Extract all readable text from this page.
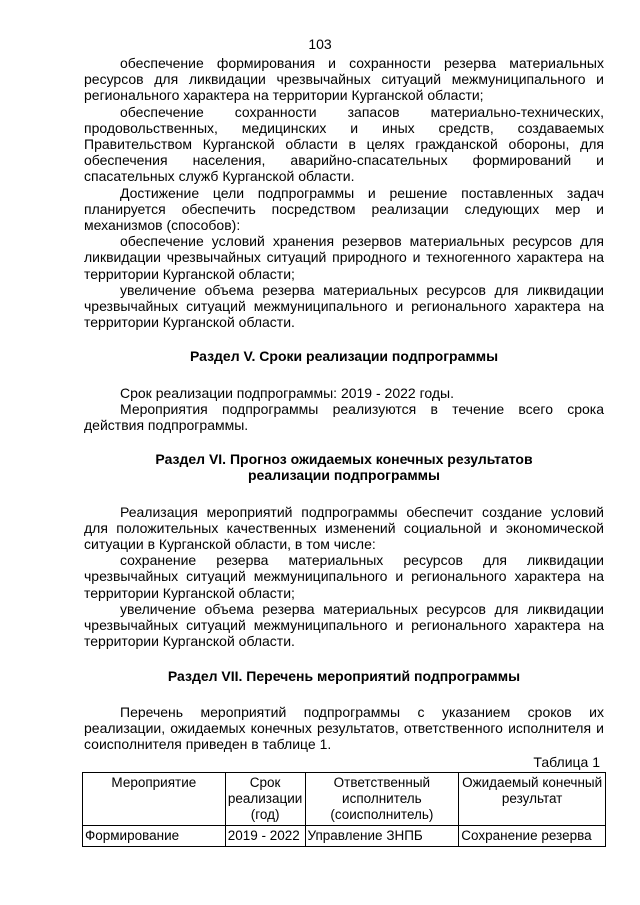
103

обеспечение формирования и сохранности резерва материальных ресурсов для ликвидации чрезвычайных ситуаций межмуниципального и регионального характера на территории Курганской области;

обеспечение сохранности запасов материально-технических, продовольственных, медицинских и иных средств, создаваемых Правительством Курганской области в целях гражданской обороны, для обеспечения населения, аварийно-спасательных формирований и спасательных служб Курганской области.

Достижение цели подпрограммы и решение поставленных задач планируется обеспечить посредством реализации следующих мер и механизмов (способов):

обеспечение условий хранения резервов материальных ресурсов для ликвидации чрезвычайных ситуаций природного и техногенного характера на территории Курганской области;

увеличение объема резерва материальных ресурсов для ликвидации чрезвычайных ситуаций межмуниципального и регионального характера на территории Курганской области.

Раздел V. Сроки реализации подпрограммы

Срок реализации подпрограммы: 2019 - 2022 годы.

Мероприятия подпрограммы реализуются в течение всего срока действия подпрограммы.

Раздел VI. Прогноз ожидаемых конечных результатов

реализации подпрограммы

Реализация мероприятий подпрограммы обеспечит создание условий для положительных качественных изменений социальной и экономической ситуации в Курганской области, в том числе:

сохранение резерва материальных ресурсов для ликвидации чрезвычайных ситуаций межмуниципального и регионального характера на территории Курганской области;

увеличение объема резерва материальных ресурсов для ликвидации чрезвычайных ситуаций межмуниципального и регионального характера на территории Курганской области.

Раздел VII. Перечень мероприятий подпрограммы

Перечень мероприятий подпрограммы с указанием сроков их реализации, ожидаемых конечных результатов, ответственного исполнителя и соисполнителя приведен в таблице 1.

Таблица 1
Мероприятие	Срок реализации (год)	Ответственный исполнитель (соисполнитель)	Ожидаемый конечный результат
Формирование	2019 - 2022	Управление ЗНПБ	Сохранение резерва
